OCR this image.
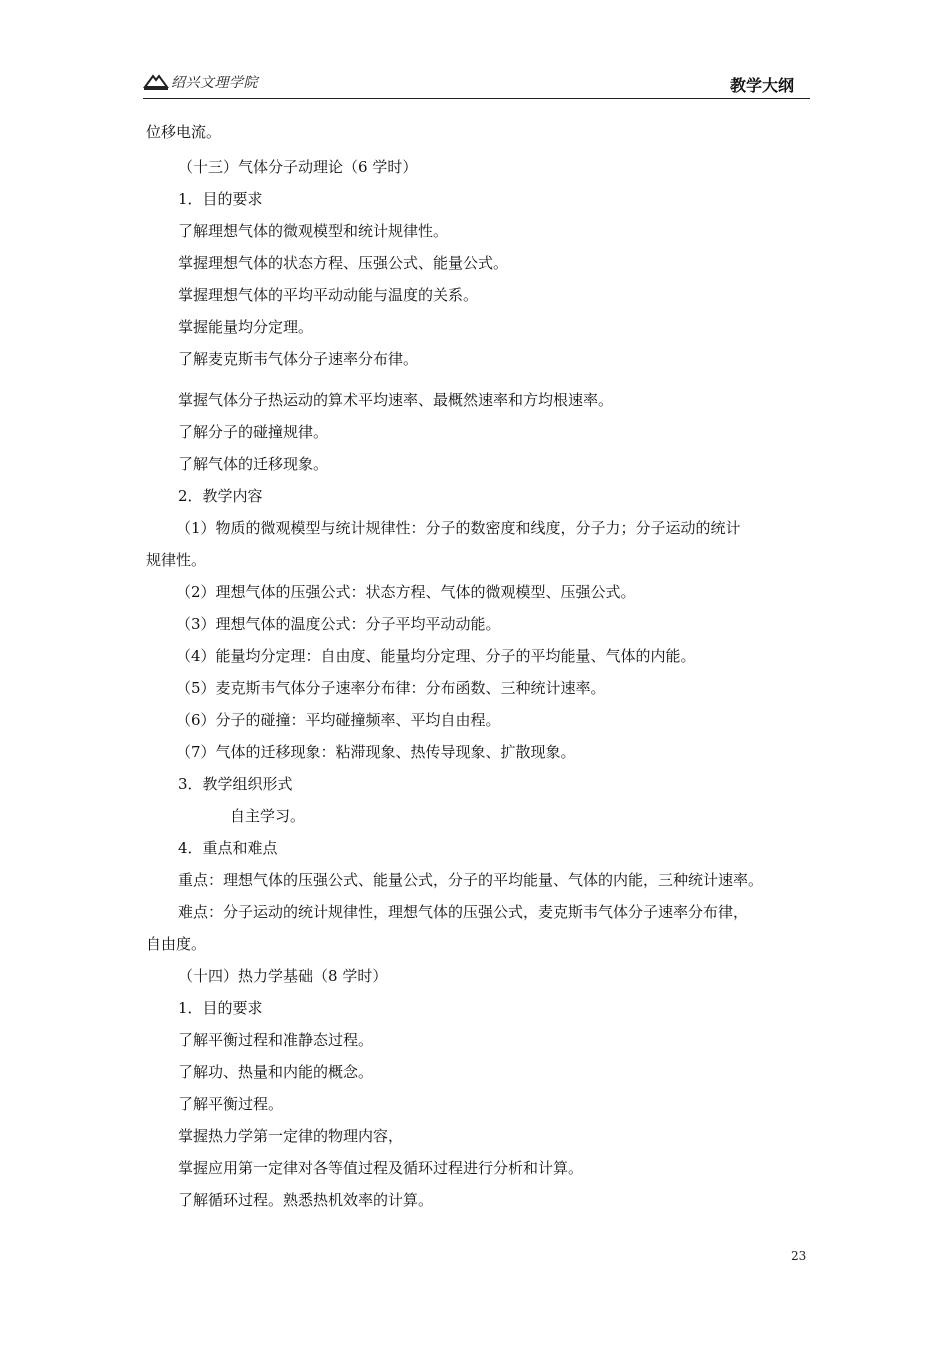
绍兴文理学院	教学大纲
位移电流。
（十三）气体分子动理论（6 学时）
1．目的要求
了解理想气体的微观模型和统计规律性。
掌握理想气体的状态方程、压强公式、能量公式。
掌握理想气体的平均平动动能与温度的关系。
掌握能量均分定理。
了解麦克斯韦气体分子速率分布律。
掌握气体分子热运动的算术平均速率、最概然速率和方均根速率。
了解分子的碰撞规律。
了解气体的迁移现象。
2．教学内容
（1）物质的微观模型与统计规律性：分子的数密度和线度，分子力；分子运动的统计
规律性。
（2）理想气体的压强公式：状态方程、气体的微观模型、压强公式。
（3）理想气体的温度公式：分子平均平动动能。
（4）能量均分定理：自由度、能量均分定理、分子的平均能量、气体的内能。
（5）麦克斯韦气体分子速率分布律：分布函数、三种统计速率。
（6）分子的碰撞：平均碰撞频率、平均自由程。
（7）气体的迁移现象：粘滞现象、热传导现象、扩散现象。
3．教学组织形式
自主学习。
4．重点和难点
重点：理想气体的压强公式、能量公式，分子的平均能量、气体的内能，三种统计速率。
难点：分子运动的统计规律性，理想气体的压强公式，麦克斯韦气体分子速率分布律，
自由度。
（十四）热力学基础（8 学时）
1．目的要求
了解平衡过程和准静态过程。
了解功、热量和内能的概念。
了解平衡过程。
掌握热力学第一定律的物理内容，
掌握应用第一定律对各等值过程及循环过程进行分析和计算。
了解循环过程。熟悉热机效率的计算。
23
